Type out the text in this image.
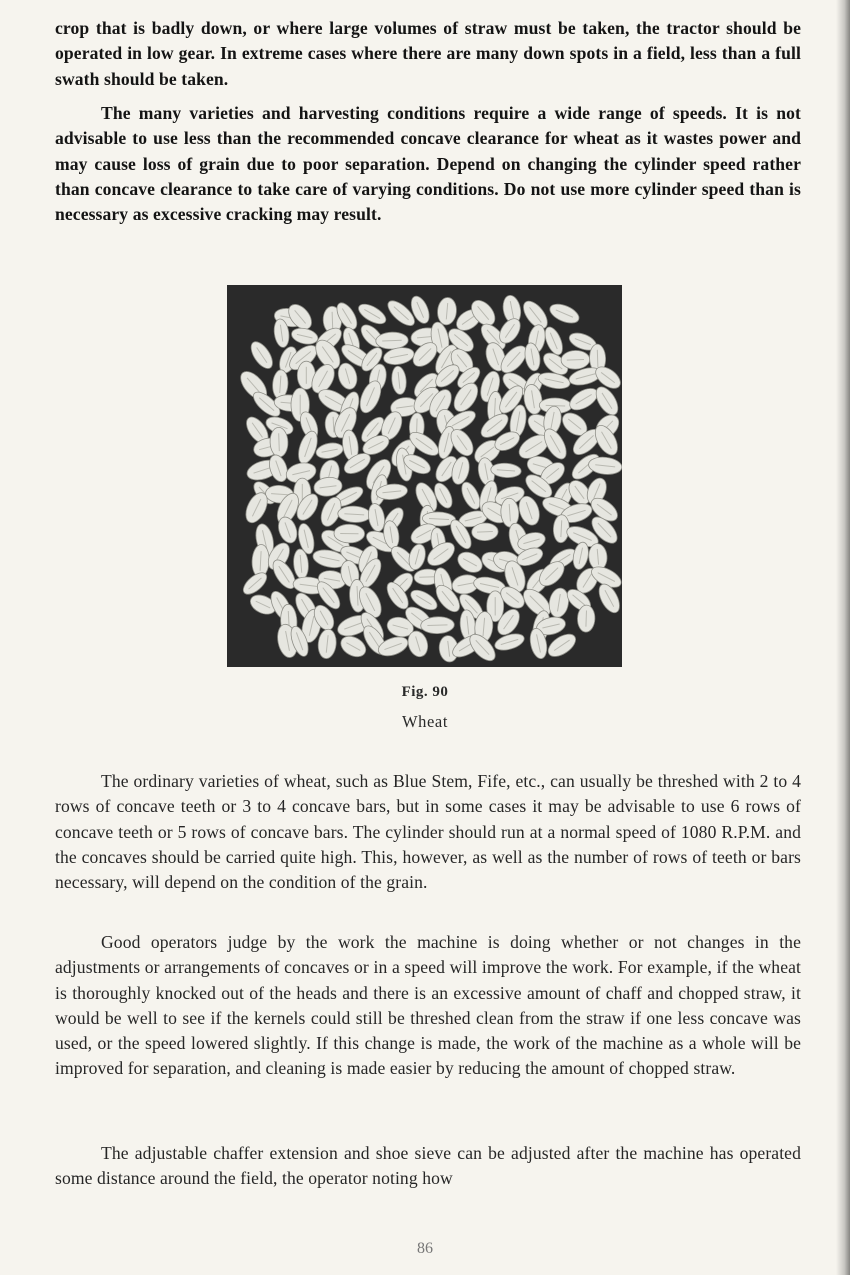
crop that is badly down, or where large volumes of straw must be taken, the tractor should be operated in low gear. In extreme cases where there are many down spots in a field, less than a full swath should be taken.

The many varieties and harvesting conditions require a wide range of speeds. It is not advisable to use less than the recommended concave clearance for wheat as it wastes power and may cause loss of grain due to poor separation. Depend on changing the cylinder speed rather than concave clearance to take care of varying conditions. Do not use more cylinder speed than is necessary as excessive cracking may result.

Fig. 90

Wheat

The ordinary varieties of wheat, such as Blue Stem, Fife, etc., can usually be threshed with 2 to 4 rows of concave teeth or 3 to 4 concave bars, but in some cases it may be advisable to use 6 rows of concave teeth or 5 rows of concave bars. The cylinder should run at a normal speed of 1080 R.P.M. and the concaves should be carried quite high. This, however, as well as the number of rows of teeth or bars necessary, will depend on the condition of the grain.

Good operators judge by the work the machine is doing whether or not changes in the adjustments or arrangements of concaves or in a speed will improve the work. For example, if the wheat is thoroughly knocked out of the heads and there is an excessive amount of chaff and chopped straw, it would be well to see if the kernels could still be threshed clean from the straw if one less concave was used, or the speed lowered slightly. If this change is made, the work of the machine as a whole will be improved for separation, and cleaning is made easier by reducing the amount of chopped straw.

The adjustable chaffer extension and shoe sieve can be adjusted after the machine has operated some distance around the field, the operator noting how

86
